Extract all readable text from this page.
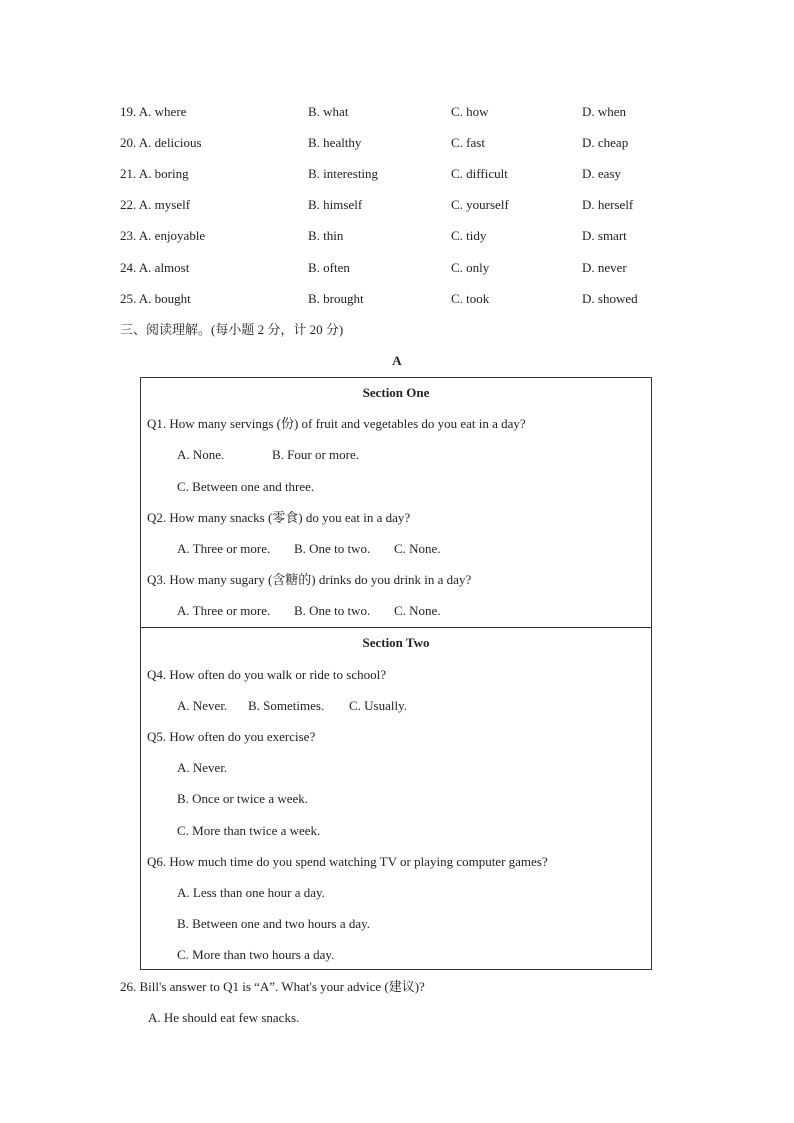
19. A. where	B. what	C. how	D. when
20. A. delicious	B. healthy	C. fast	D. cheap
21. A. boring	B. interesting	C. difficult	D. easy
22. A. myself	B. himself	C. yourself	D. herself
23. A. enjoyable	B. thin	C. tidy	D. smart
24. A. almost	B. often	C. only	D. never
25. A. bought	B. brought	C. took	D. showed
三、阅读理解。(每小题 2 分，计 20 分)
A
Section One
Q1. How many servings (份) of fruit and vegetables do you eat in a day?
A. None.	B. Four or more.
C. Between one and three.
Q2. How many snacks (零食) do you eat in a day?
A. Three or more. B. One to two. C. None.
Q3. How many sugary (含糖的) drinks do you drink in a day?
A. Three or more. B. One to two. C. None.
Section Two
Q4. How often do you walk or ride to school?
A. Never. B. Sometimes. C. Usually.
Q5. How often do you exercise?
A. Never.
B. Once or twice a week.
C. More than twice a week.
Q6. How much time do you spend watching TV or playing computer games?
A. Less than one hour a day.
B. Between one and two hours a day.
C. More than two hours a day.
26. Bill's answer to Q1 is “A”. What's your advice (建议)?
A. He should eat few snacks.
